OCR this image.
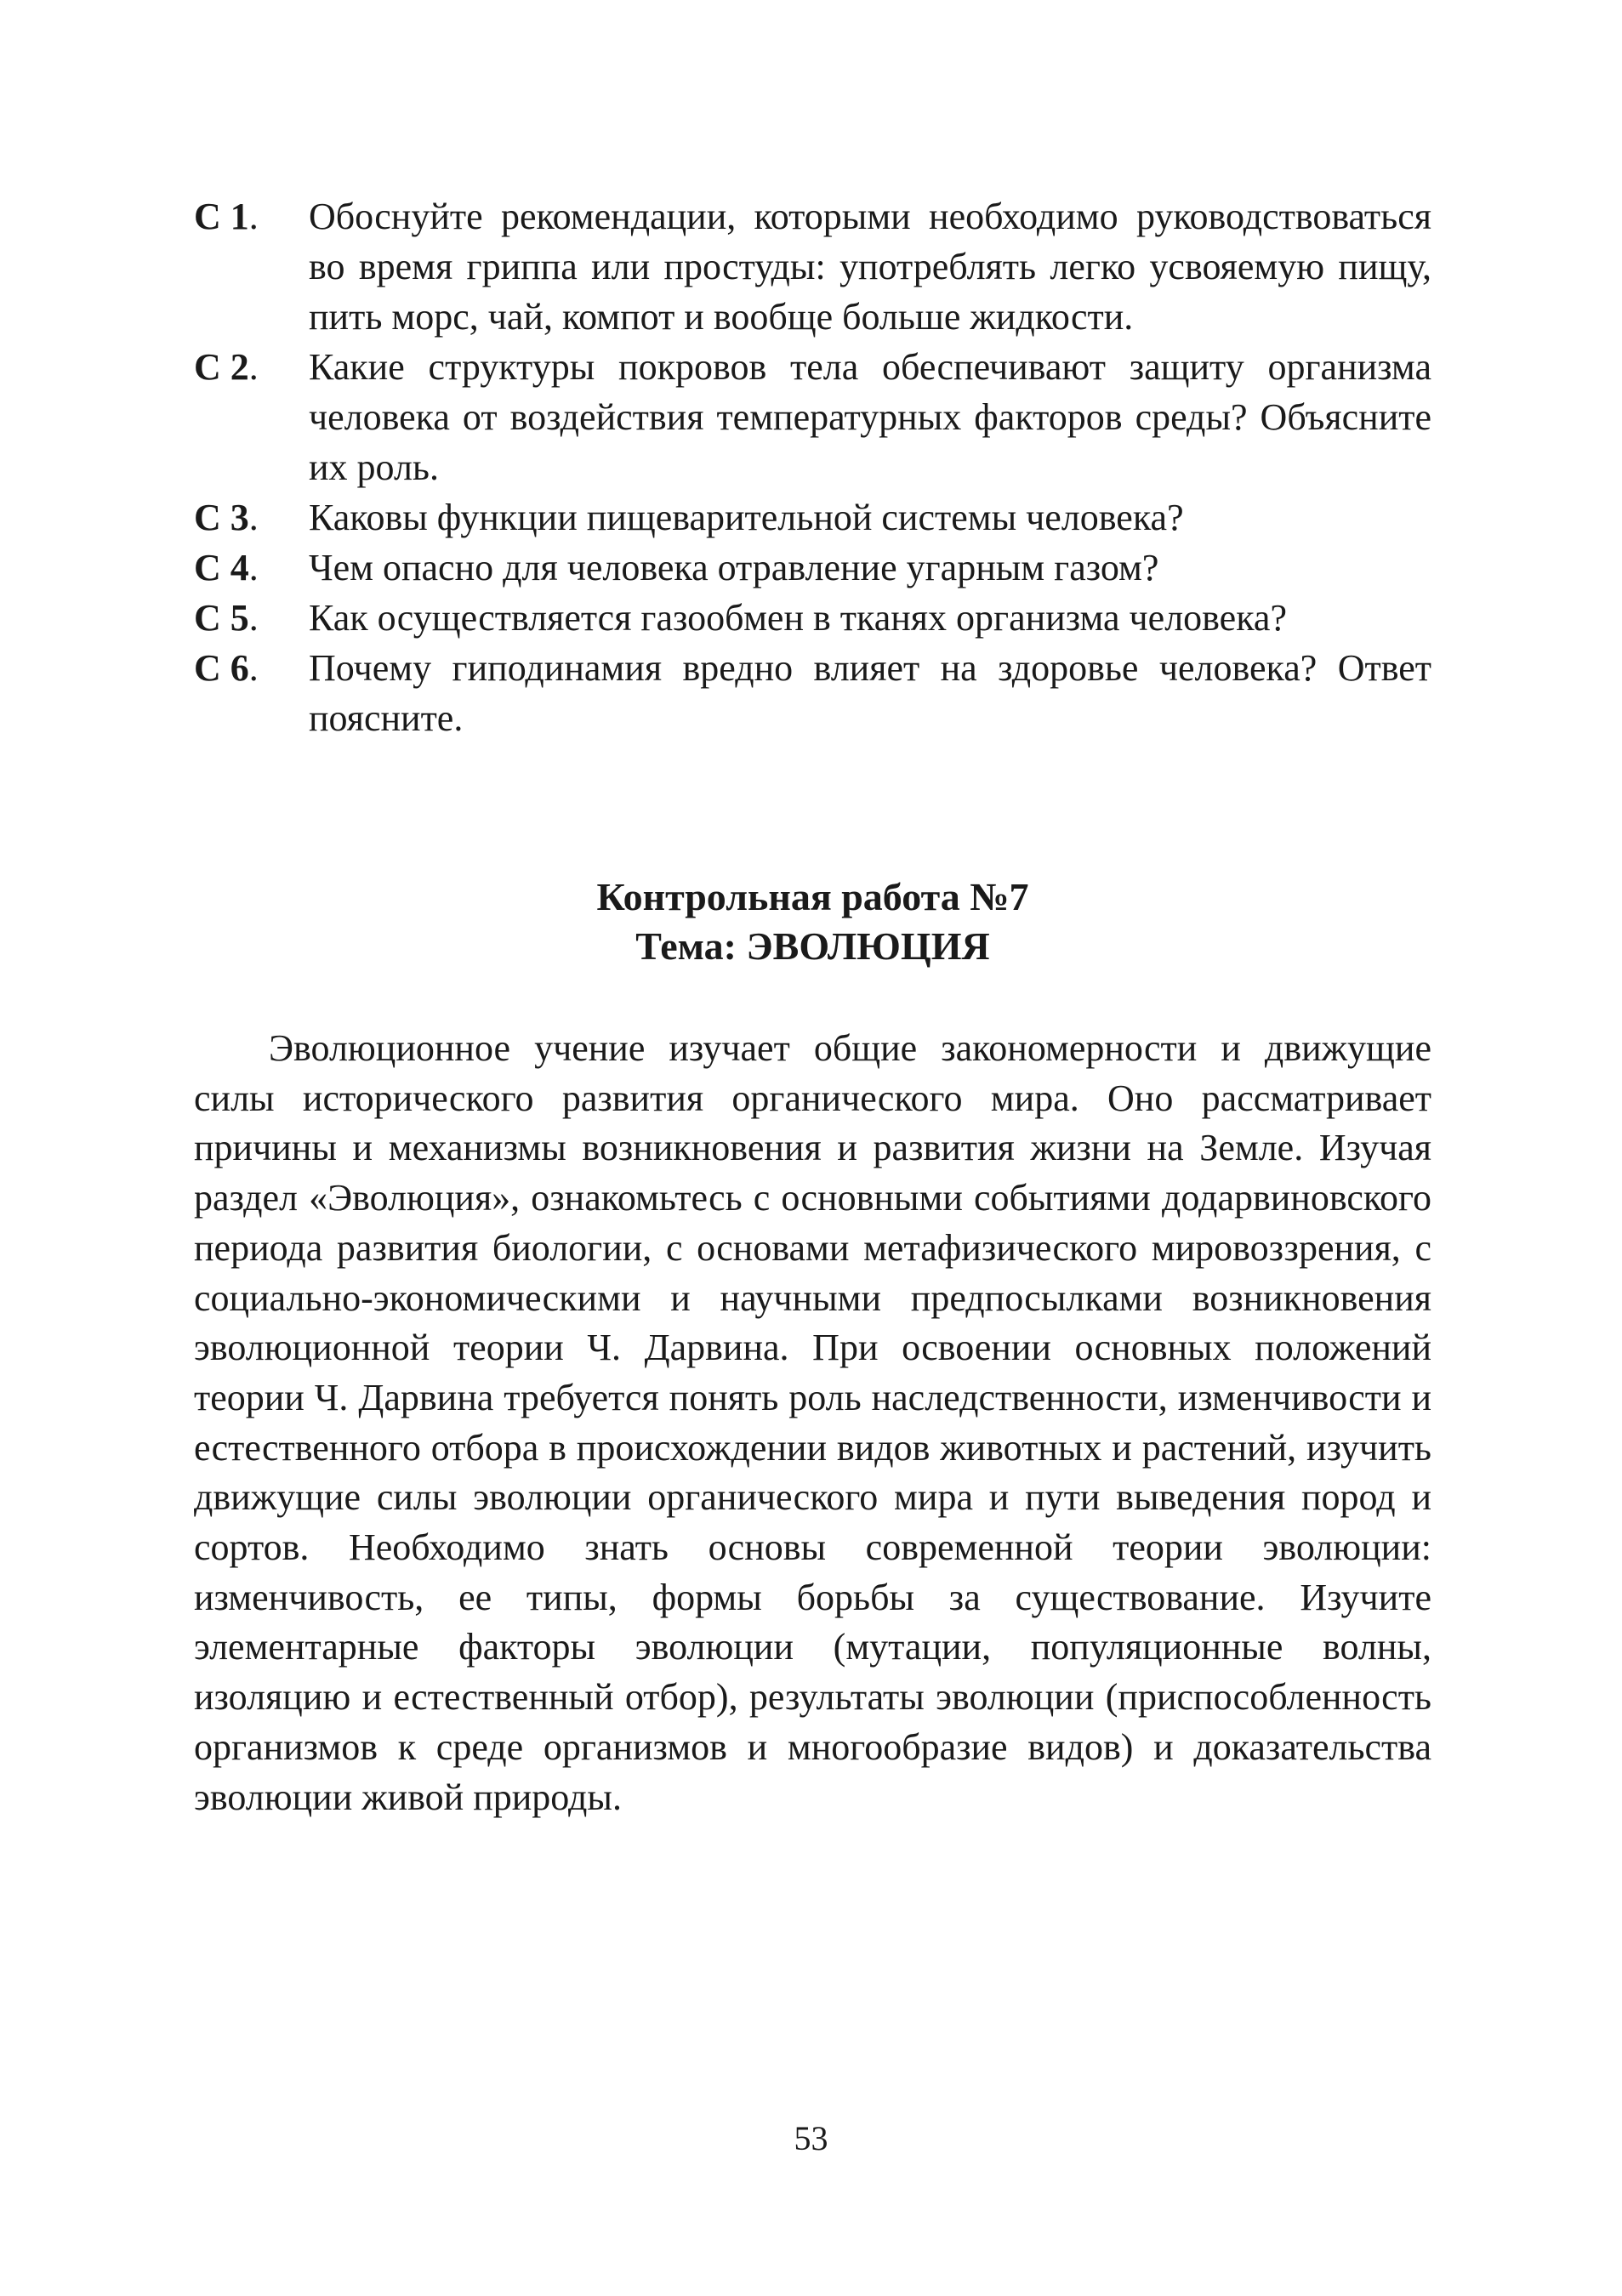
С 1.	Обоснуйте рекомендации, которыми необходимо руководствоваться во время гриппа или простуды: употреблять легко усвояемую пищу, пить морс, чай, компот и вообще больше жидкости.
С 2.	Какие структуры покровов тела обеспечивают защиту организма человека от воздействия температурных факторов среды? Объясните их роль.
С 3.	Каковы функции пищеварительной системы человека?
С 4.	Чем опасно для человека отравление угарным газом?
С 5.	Как осуществляется газообмен в тканях организма человека?
С 6.	Почему гиподинамия вредно влияет на здоровье человека? Ответ поясните.
Контрольная работа №7
Тема: ЭВОЛЮЦИЯ

Эволюционное учение изучает общие закономерности и движущие силы исторического развития органического мира. Оно рассматривает причины и механизмы возникновения и развития жизни на Земле. Изучая раздел «Эволюция», ознакомьтесь с основными событиями додарвиновского периода развития биологии, с основами метафизического мировоззрения, с социально-экономическими и научными предпосылками возникновения эволюционной теории Ч. Дарвина. При освоении основных положений теории Ч. Дарвина требуется понять роль наследственности, изменчивости и естественного отбора в происхождении видов животных и растений, изучить движущие силы эволюции органического мира и пути выведения пород и сортов. Необходимо знать основы современной теории эволюции: изменчивость, ее типы, формы борьбы за существование. Изучите элементарные факторы эволюции (мутации, популяционные волны, изоляцию и естественный отбор), результаты эволюции (приспособленность организмов к среде организмов и многообразие видов) и доказательства эволюции живой природы.

53
